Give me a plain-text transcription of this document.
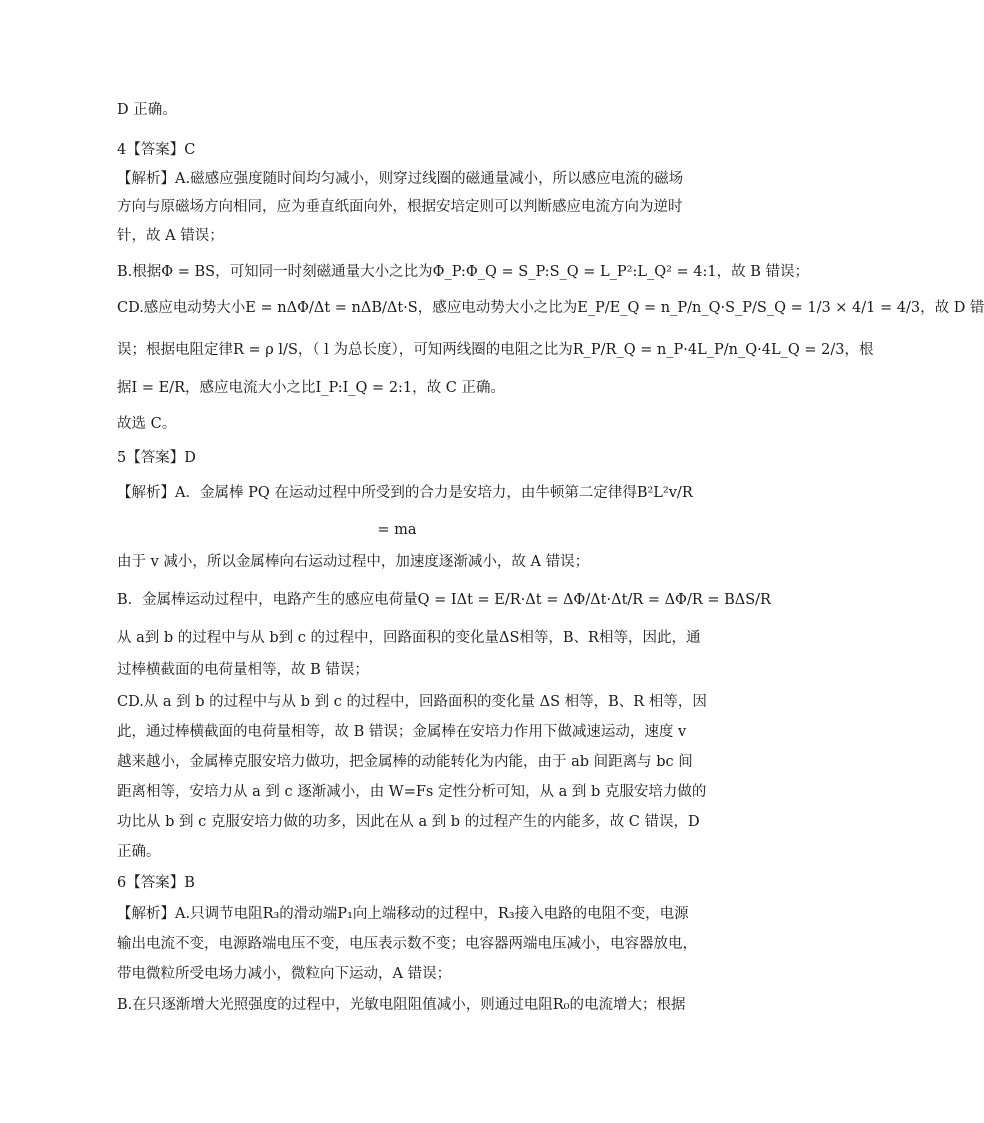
D 正确。
4【答案】C
【解析】A.磁感应强度随时间均匀减小，则穿过线圈的磁通量减小，所以感应电流的磁场
方向与原磁场方向相同，应为垂直纸面向外，根据安培定则可以判断感应电流方向为逆时
针，故 A 错误；
B.根据Φ = BS，可知同一时刻磁通量大小之比为Φ_P:Φ_Q = S_P:S_Q = L_P²:L_Q² = 4:1，故 B 错误；
CD.感应电动势大小E = nΔΦ/Δt = nΔB/Δt·S，感应电动势大小之比为E_P/E_Q = n_P/n_Q·S_P/S_Q = 1/3 × 4/1 = 4/3，故 D 错
误；根据电阻定律R = ρ l/S，（ l 为总长度），可知两线圈的电阻之比为R_P/R_Q = n_P·4L_P/n_Q·4L_Q = 2/3，根
据I = E/R，感应电流大小之比I_P:I_Q = 2:1，故 C 正确。
故选 C。
5【答案】D
【解析】A．金属棒 PQ 在运动过程中所受到的合力是安培力，由牛顿第二定律得B²L²v/R
= ma
由于 v 减小，所以金属棒向右运动过程中，加速度逐渐减小，故 A 错误；
B．金属棒运动过程中，电路产生的感应电荷量Q = IΔt = E/R·Δt = ΔΦ/Δt·Δt/R = ΔΦ/R = BΔS/R
从 a到 b 的过程中与从 b到 c 的过程中，回路面积的变化量ΔS相等，B、R相等，因此，通
过棒横截面的电荷量相等，故 B 错误；
CD.从 a 到 b 的过程中与从 b 到 c 的过程中，回路面积的变化量 ΔS 相等，B、R 相等，因
此，通过棒横截面的电荷量相等，故 B 错误；金属棒在安培力作用下做减速运动，速度 v
越来越小，金属棒克服安培力做功，把金属棒的动能转化为内能，由于 ab 间距离与 bc 间
距离相等，安培力从 a 到 c 逐渐减小，由 W=Fs 定性分析可知，从 a 到 b 克服安培力做的
功比从 b 到 c 克服安培力做的功多，因此在从 a 到 b 的过程产生的内能多，故 C 错误，D
正确。
6【答案】B
【解析】A.只调节电阻R₃的滑动端P₁向上端移动的过程中，R₃接入电路的电阻不变，电源
输出电流不变，电源路端电压不变，电压表示数不变；电容器两端电压减小，电容器放电，
带电微粒所受电场力减小，微粒向下运动，A 错误；
B.在只逐渐增大光照强度的过程中，光敏电阻阻值减小，则通过电阻R₀的电流增大；根据
